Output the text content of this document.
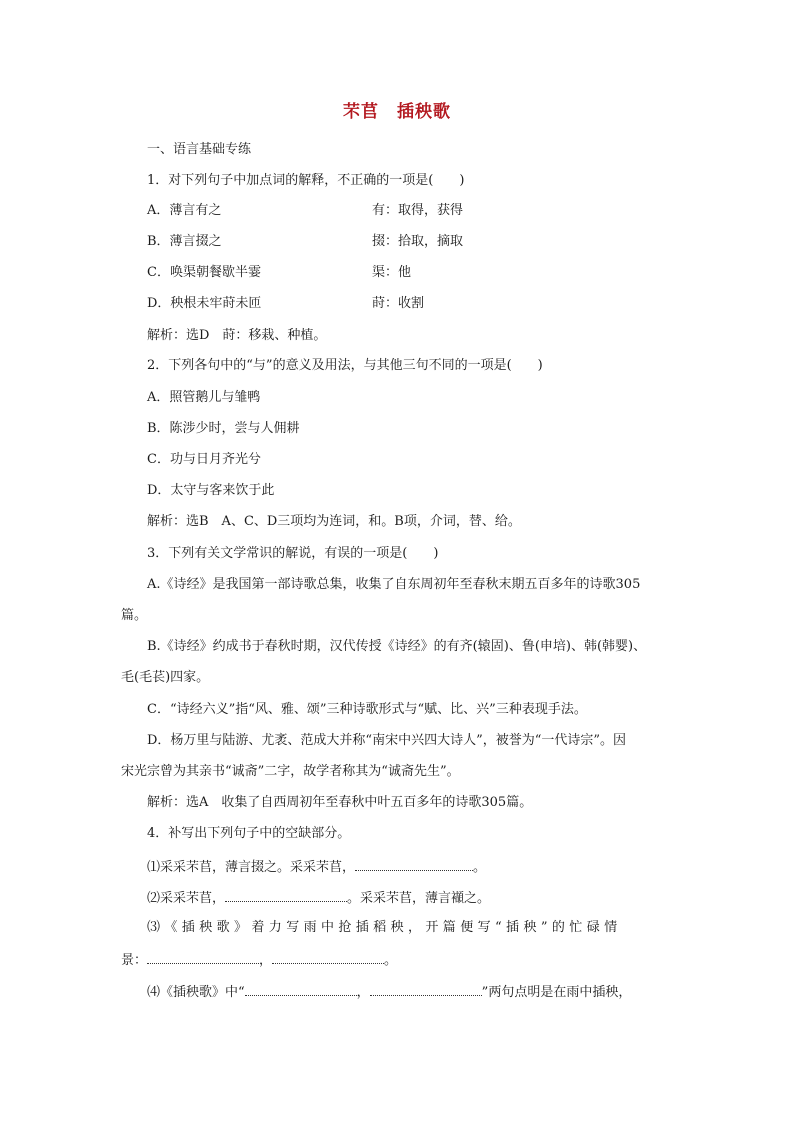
芣苢 插秧歌
一、语言基础专练
1．对下列句子中加点词的解释，不正确的一项是(　　)
A．薄言有之	有：取得，获得
B．薄言掇之	掇：拾取，摘取
C．唤渠朝餐歇半霎	渠：他
D．秧根未牢莳未匝	莳：收割
解析：选D　莳：移栽、种植。
2．下列各句中的“与”的意义及用法，与其他三句不同的一项是(　　)
A．照管鹅儿与雏鸭
B．陈涉少时，尝与人佣耕
C．功与日月齐光兮
D．太守与客来饮于此
解析：选B　A、C、D三项均为连词，和。B项，介词，替、给。
3．下列有关文学常识的解说，有误的一项是(　　)
A.《诗经》是我国第一部诗歌总集，收集了自东周初年至春秋末期五百多年的诗歌305
篇。
B.《诗经》约成书于春秋时期，汉代传授《诗经》的有齐(辕固)、鲁(申培)、韩(韩婴)、
毛(毛苌)四家。
C．“诗经六义”指“风、雅、颂”三种诗歌形式与“赋、比、兴”三种表现手法。
D．杨万里与陆游、尤袤、范成大并称“南宋中兴四大诗人”，被誉为“一代诗宗”。因
宋光宗曾为其亲书“诚斋”二字，故学者称其为“诚斋先生”。
解析：选A　收集了自西周初年至春秋中叶五百多年的诗歌305篇。
4．补写出下列句子中的空缺部分。
⑴采采芣苢，薄言掇之。采采芣苢，	。
⑵采采芣苢，	。采采芣苢，薄言襭之。
⑶《插秧歌》着力写雨中抢插稻秧，开篇便写“插秧”的忙碌情
景：	，	。
⑷《插秧歌》中“	，	”两句点明是在雨中插秧，
